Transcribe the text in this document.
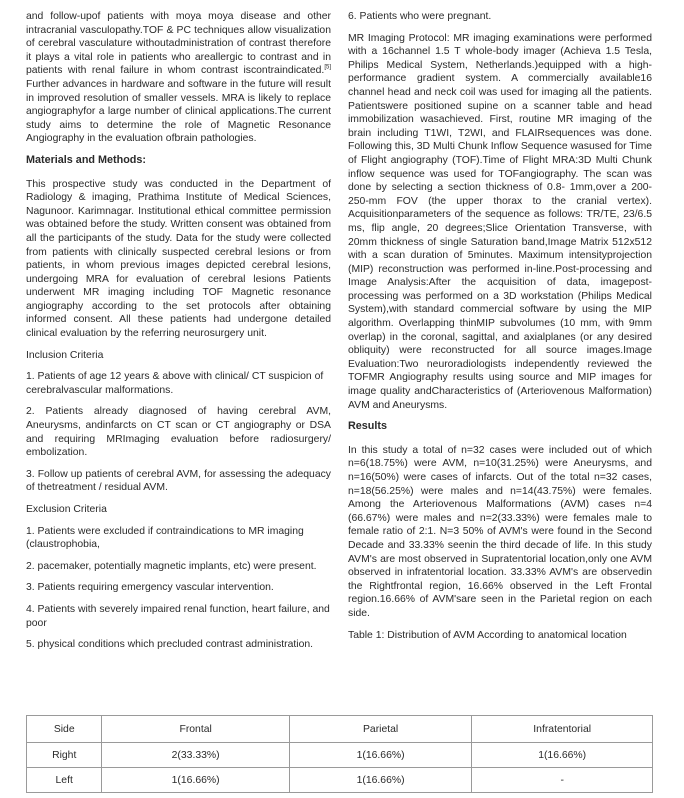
and follow-upof patients with moya moya disease and other intracranial vasculopathy.TOF & PC techniques allow visualization of cerebral vasculature withoutadministration of contrast therefore it plays a vital role in patients who areallergic to contrast and in patients with renal failure in whom contrast iscontraindicated.[5] Further advances in hardware and software in the future will result in improved resolution of smaller vessels. MRA is likely to replace angiographyfor a large number of clinical applications.The current study aims to determine the role of Magnetic Resonance Angiography in the evaluation ofbrain pathologies.

Materials and Methods:

This prospective study was conducted in the Department of Radiology & imaging, Prathima Institute of Medical Sciences, Nagunoor. Karimnagar. Institutional ethical committee permission was obtained before the study. Written consent was obtained from all the participants of the study. Data for the study were collected from patients with clinically suspected cerebral lesions or from patients, in whom previous images depicted cerebral lesions, undergoing MRA for evaluation of cerebral lesions Patients underwent MR imaging including TOF Magnetic resonance angiography according to the set protocols after obtaining informed consent. All these patients had undergone detailed clinical evaluation by the referring neurosurgery unit.

Inclusion Criteria
1. Patients of age 12 years & above with clinical/ CT suspicion of cerebralvascular malformations.
2. Patients already diagnosed of having cerebral AVM, Aneurysms, andinfarcts on CT scan or CT angiography or DSA and requiring MRImaging evaluation before radiosurgery/ embolization.
3. Follow up patients of cerebral AVM, for assessing the adequacy of thetreatment / residual AVM.
Exclusion Criteria
1. Patients were excluded if contraindications to MR imaging (claustrophobia,
2. pacemaker, potentially magnetic implants, etc) were present.
3. Patients requiring emergency vascular intervention.
4. Patients with severely impaired renal function, heart failure, and poor
5. physical conditions which precluded contrast administration.
6. Patients who were pregnant.

MR Imaging Protocol: MR imaging examinations were performed with a 16channel 1.5 T whole-body imager (Achieva 1.5 Tesla, Philips Medical System, Netherlands.)equipped with a high-performance gradient system. A commercially available16 channel head and neck coil was used for imaging all the patients. Patientswere positioned supine on a scanner table and head immobilization wasachieved. First, routine MR imaging of the brain including T1WI, T2WI, and FLAIRsequences was done. Following this, 3D Multi Chunk Inflow Sequence wasused for Time of Flight angiography (TOF).Time of Flight MRA:3D Multi Chunk inflow sequence was used for TOFangiography. The scan was done by selecting a section thickness of 0.8- 1mm,over a 200-250-mm FOV (the upper thorax to the cranial vertex). Acquisitionparameters of the sequence as follows: TR/TE, 23/6.5 ms, flip angle, 20 degrees;Slice Orientation Transverse, with 20mm thickness of single Saturation band,Image Matrix 512x512 with a scan duration of 5minutes. Maximum intensityprojection (MIP) reconstruction was performed in-line.Post-processing and Image Analysis:After the acquisition of data, imagepost-processing was performed on a 3D workstation (Philips Medical System),with standard commercial software by using the MIP algorithm. Overlapping thinMIP subvolumes (10 mm, with 9mm overlap) in the coronal, sagittal, and axialplanes (or any desired obliquity) were reconstructed for all source images.Image Evaluation:Two neuroradiologists independently reviewed the TOFMR Angiography results using source and MIP images for image quality andCharacteristics of (Arteriovenous Malformation) AVM and Aneurysms.

Results

In this study a total of n=32 cases were included out of which n=6(18.75%) were AVM, n=10(31.25%) were Aneurysms, and n=16(50%) were cases of infarcts. Out of the total n=32 cases, n=18(56.25%) were males and n=14(43.75%) were females. Among the Arteriovenous Malformations (AVM) cases n=4 (66.67%) were males and n=2(33.33%) were females male to female ratio of 2:1. N=3 50% of AVM's were found in the Second Decade and 33.33% seenin the third decade of life. In this study AVM's are most observed in Supratentorial location,only one AVM observed in infratentorial location. 33.33% AVM's are observedin the Rightfrontal region, 16.66% observed in the Left Frontal region.16.66% of AVM'sare seen in the Parietal region on each side.

Table 1: Distribution of AVM According to anatomical location
Side	Frontal	Parietal	Infratentorial
Right	2(33.33%)	1(16.66%)	1(16.66%)
Left	1(16.66%)	1(16.66%)	-
